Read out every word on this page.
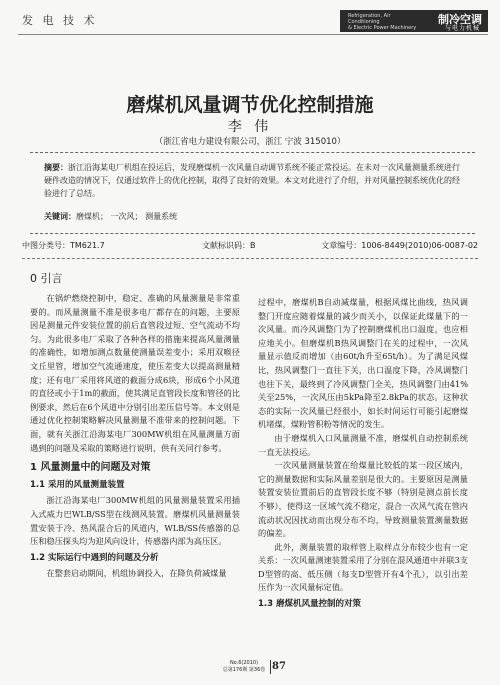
发 电 技 术	Refrigeration, Air Conditioning
& Electric Power Machinery
制冷空调
与电力机械
磨煤机风量调节优化控制措施
李 伟
（浙江省电力建设有限公司，浙江 宁波 315010）
摘要：浙江沿海某电厂机组在投运后，发现磨煤机一次风量自动调节系统不能正常投运。在未对一次风量测量系统进行硬件改造的情况下，仅通过软件上的优化控制，取得了良好的效果。本文对此进行了介绍，并对风量控制系统优化的经验进行了总结。
关键词：磨煤机； 一次风； 测量系统
中图分类号：TM621.7	文献标识码：B	文章编号：1006-8449(2010)06-0087-02
0 引言

在锅炉燃烧控制中，稳定、准确的风量测量是非常重要的。而风量测量不准是很多电厂都存在的问题，主要原因是测量元件安装位置的前后直管段过短、空气流动不均匀。为此很多电厂采取了各种各样的措施来提高风量测量的准确性，如增加测点数量使测量误差变小；采用双喉径文丘里管，增加空气流通速度，使压差变大以提高测量精度；还有电厂采用将风道的截面分成6块，形成6个小风道的直径或小于1m的截面，使其满足直管段长度和管径的比例要求，然后在6个风道中分别引出差压信号等。本文则是通过优化控制策略解决风量测量不准带来的控制问题。下面，就有关浙江沿海某电厂300MW机组在风量测量方面遇到的问题及采取的策略进行说明，供有关同行参考。

1 风量测量中的问题及对策
1.1 采用的风量测量装置

浙江沿海某电厂300MW机组的风量测量装置采用插入式威力巴WLB/SS型在线测风装置。磨煤机风量测量装置安装于冷、热风混合后的风道内，WLB/SS传感器的总压和稳压探头均为迎风向设计，传感器内部为高压区。

1.2 实际运行中遇到的问题及分析

在整套启动期间，机组协调投入，在降负荷减煤量

过程中，磨煤机B自动减煤量，根据风煤比曲线，热风调整门开度应随着煤量的减少而关小，以保证此煤量下的一次风量。而冷风调整门为了控制磨煤机出口温度，也应相应地关小。但磨煤机B热风调整门在关的过程中，一次风量显示值反而增加（由60t/h升至65t/h）。为了满足风煤比，热风调整门一直往下关，出口温度下降，冷风调整门也往下关，最终到了冷风调整门全关，热风调整门由41%关至25%，一次风压由5kPa降至2.8kPa的状态。这种状态的实际一次风量已经很小，如长时间运行可能引起磨煤机堵煤，煤粉管积粉等情况的发生。

由于磨煤机入口风量测量不准，磨煤机自动控制系统一直无法投运。

一次风量测量装置在给煤量比较低的某一段区域内，它的测量数据和实际风量差别是很大的。主要原因是测量装置安装位置前后的直管段长度不够（特别是测点前长度不够），使得这一区域气流不稳定，混合一次风气流在管内流动状况因扰动而出现分布不均，导致测量装置测量数据的偏差。

此外，测量装置的取样管上取样点分布较少也有一定关系：一次风量测速装置采用了分别在混风通道中并联3支D型管的高、低压侧（每支D型管开有4个孔），以引出差压作为一次风量标定值。

1.3 磨煤机风量控制的对策
No.6(2010)
总第176期 第36卷 87
